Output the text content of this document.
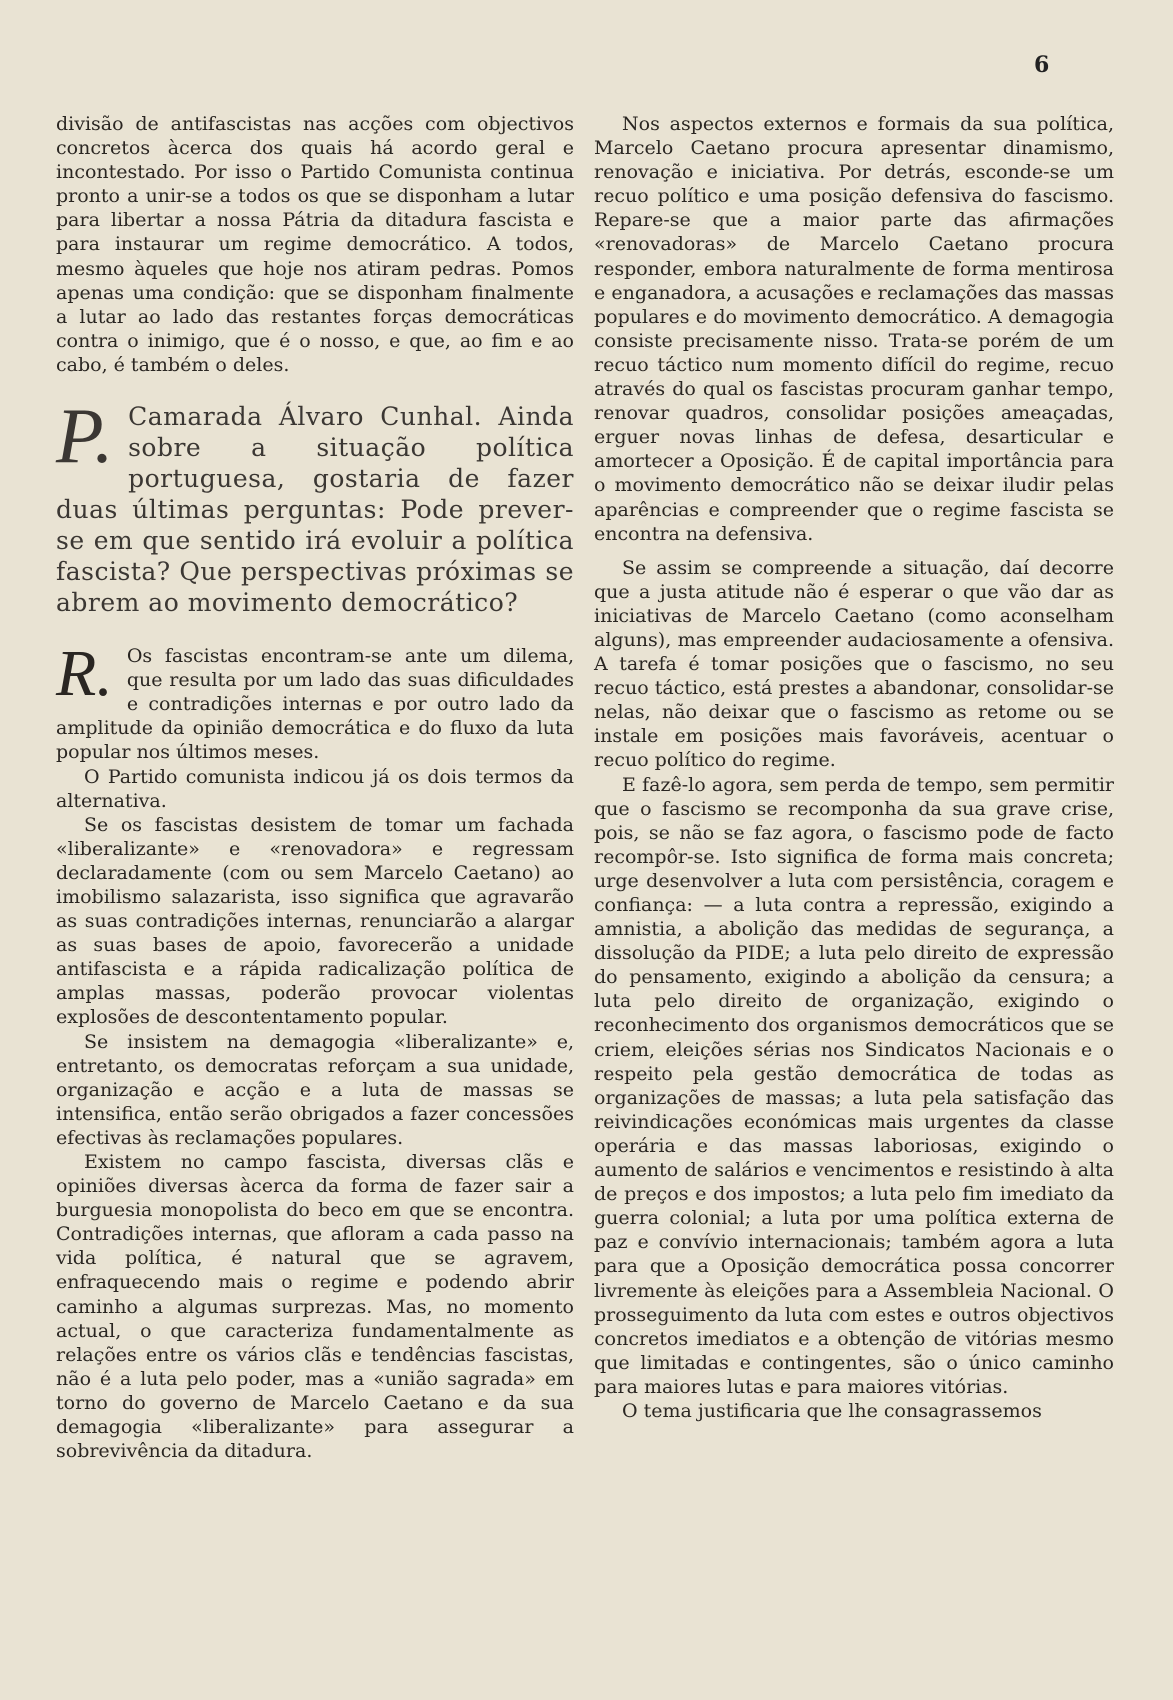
6

divisão de antifascistas nas acções com objectivos concretos àcerca dos quais há acordo geral e incontestado. Por isso o Partido Comunista continua pronto a unir-se a todos os que se disponham a lutar para libertar a nossa Pátria da ditadura fascista e para instaurar um regime democrático. A todos, mesmo àqueles que hoje nos atiram pedras. Pomos apenas uma condição: que se disponham finalmente a lutar ao lado das restantes forças democráticas contra o inimigo, que é o nosso, e que, ao fim e ao cabo, é também o deles.

P. Camarada Álvaro Cunhal. Ainda sobre a situação política portuguesa, gostaria de fazer duas últimas perguntas: Pode prever-se em que sentido irá evoluir a política fascista? Que perspectivas próximas se abrem ao movimento democrático?

R. Os fascistas encontram-se ante um dilema, que resulta por um lado das suas dificuldades e contradições internas e por outro lado da amplitude da opinião democrática e do fluxo da luta popular nos últimos meses.

O Partido comunista indicou já os dois termos da alternativa.

Se os fascistas desistem de tomar um fachada «liberalizante» e «renovadora» e regressam declaradamente (com ou sem Marcelo Caetano) ao imobilismo salazarista, isso significa que agravarão as suas contradições internas, renunciarão a alargar as suas bases de apoio, favorecerão a unidade antifascista e a rápida radicalização política de amplas massas, poderão provocar violentas explosões de descontentamento popular.

Se insistem na demagogia «liberalizante» e, entretanto, os democratas reforçam a sua unidade, organização e acção e a luta de massas se intensifica, então serão obrigados a fazer concessões efectivas às reclamações populares.

Existem no campo fascista, diversas clãs e opiniões diversas àcerca da forma de fazer sair a burguesia monopolista do beco em que se encontra. Contradições internas, que afloram a cada passo na vida política, é natural que se agravem, enfraquecendo mais o regime e podendo abrir caminho a algumas surprezas. Mas, no momento actual, o que caracteriza fundamentalmente as relações entre os vários clãs e tendências fascistas, não é a luta pelo poder, mas a «união sagrada» em torno do governo de Marcelo Caetano e da sua demagogia «liberalizante» para assegurar a sobrevivência da ditadura.

Nos aspectos externos e formais da sua política, Marcelo Caetano procura apresentar dinamismo, renovação e iniciativa. Por detrás, esconde-se um recuo político e uma posição defensiva do fascismo. Repare-se que a maior parte das afirmações «renovadoras» de Marcelo Caetano procura responder, embora naturalmente de forma mentirosa e enganadora, a acusações e reclamações das massas populares e do movimento democrático. A demagogia consiste precisamente nisso. Trata-se porém de um recuo táctico num momento difícil do regime, recuo através do qual os fascistas procuram ganhar tempo, renovar quadros, consolidar posições ameaçadas, erguer novas linhas de defesa, desarticular e amortecer a Oposição. É de capital importância para o movimento democrático não se deixar iludir pelas aparências e compreender que o regime fascista se encontra na defensiva.

Se assim se compreende a situação, daí decorre que a justa atitude não é esperar o que vão dar as iniciativas de Marcelo Caetano (como aconselham alguns), mas empreender audaciosamente a ofensiva. A tarefa é tomar posições que o fascismo, no seu recuo táctico, está prestes a abandonar, consolidar-se nelas, não deixar que o fascismo as retome ou se instale em posições mais favoráveis, acentuar o recuo político do regime.

E fazê-lo agora, sem perda de tempo, sem permitir que o fascismo se recomponha da sua grave crise, pois, se não se faz agora, o fascismo pode de facto recompôr-se. Isto significa de forma mais concreta; urge desenvolver a luta com persistência, coragem e confiança: — a luta contra a repressão, exigindo a amnistia, a abolição das medidas de segurança, a dissolução da PIDE; a luta pelo direito de expressão do pensamento, exigindo a abolição da censura; a luta pelo direito de organização, exigindo o reconhecimento dos organismos democráticos que se criem, eleições sérias nos Sindicatos Nacionais e o respeito pela gestão democrática de todas as organizações de massas; a luta pela satisfação das reivindicações económicas mais urgentes da classe operária e das massas laboriosas, exigindo o aumento de salários e vencimentos e resistindo à alta de preços e dos impostos; a luta pelo fim imediato da guerra colonial; a luta por uma política externa de paz e convívio internacionais; também agora a luta para que a Oposição democrática possa concorrer livremente às eleições para a Assembleia Nacional. O prosseguimento da luta com estes e outros objectivos concretos imediatos e a obtenção de vitórias mesmo que limitadas e contingentes, são o único caminho para maiores lutas e para maiores vitórias.

O tema justificaria que lhe consagrassemos
